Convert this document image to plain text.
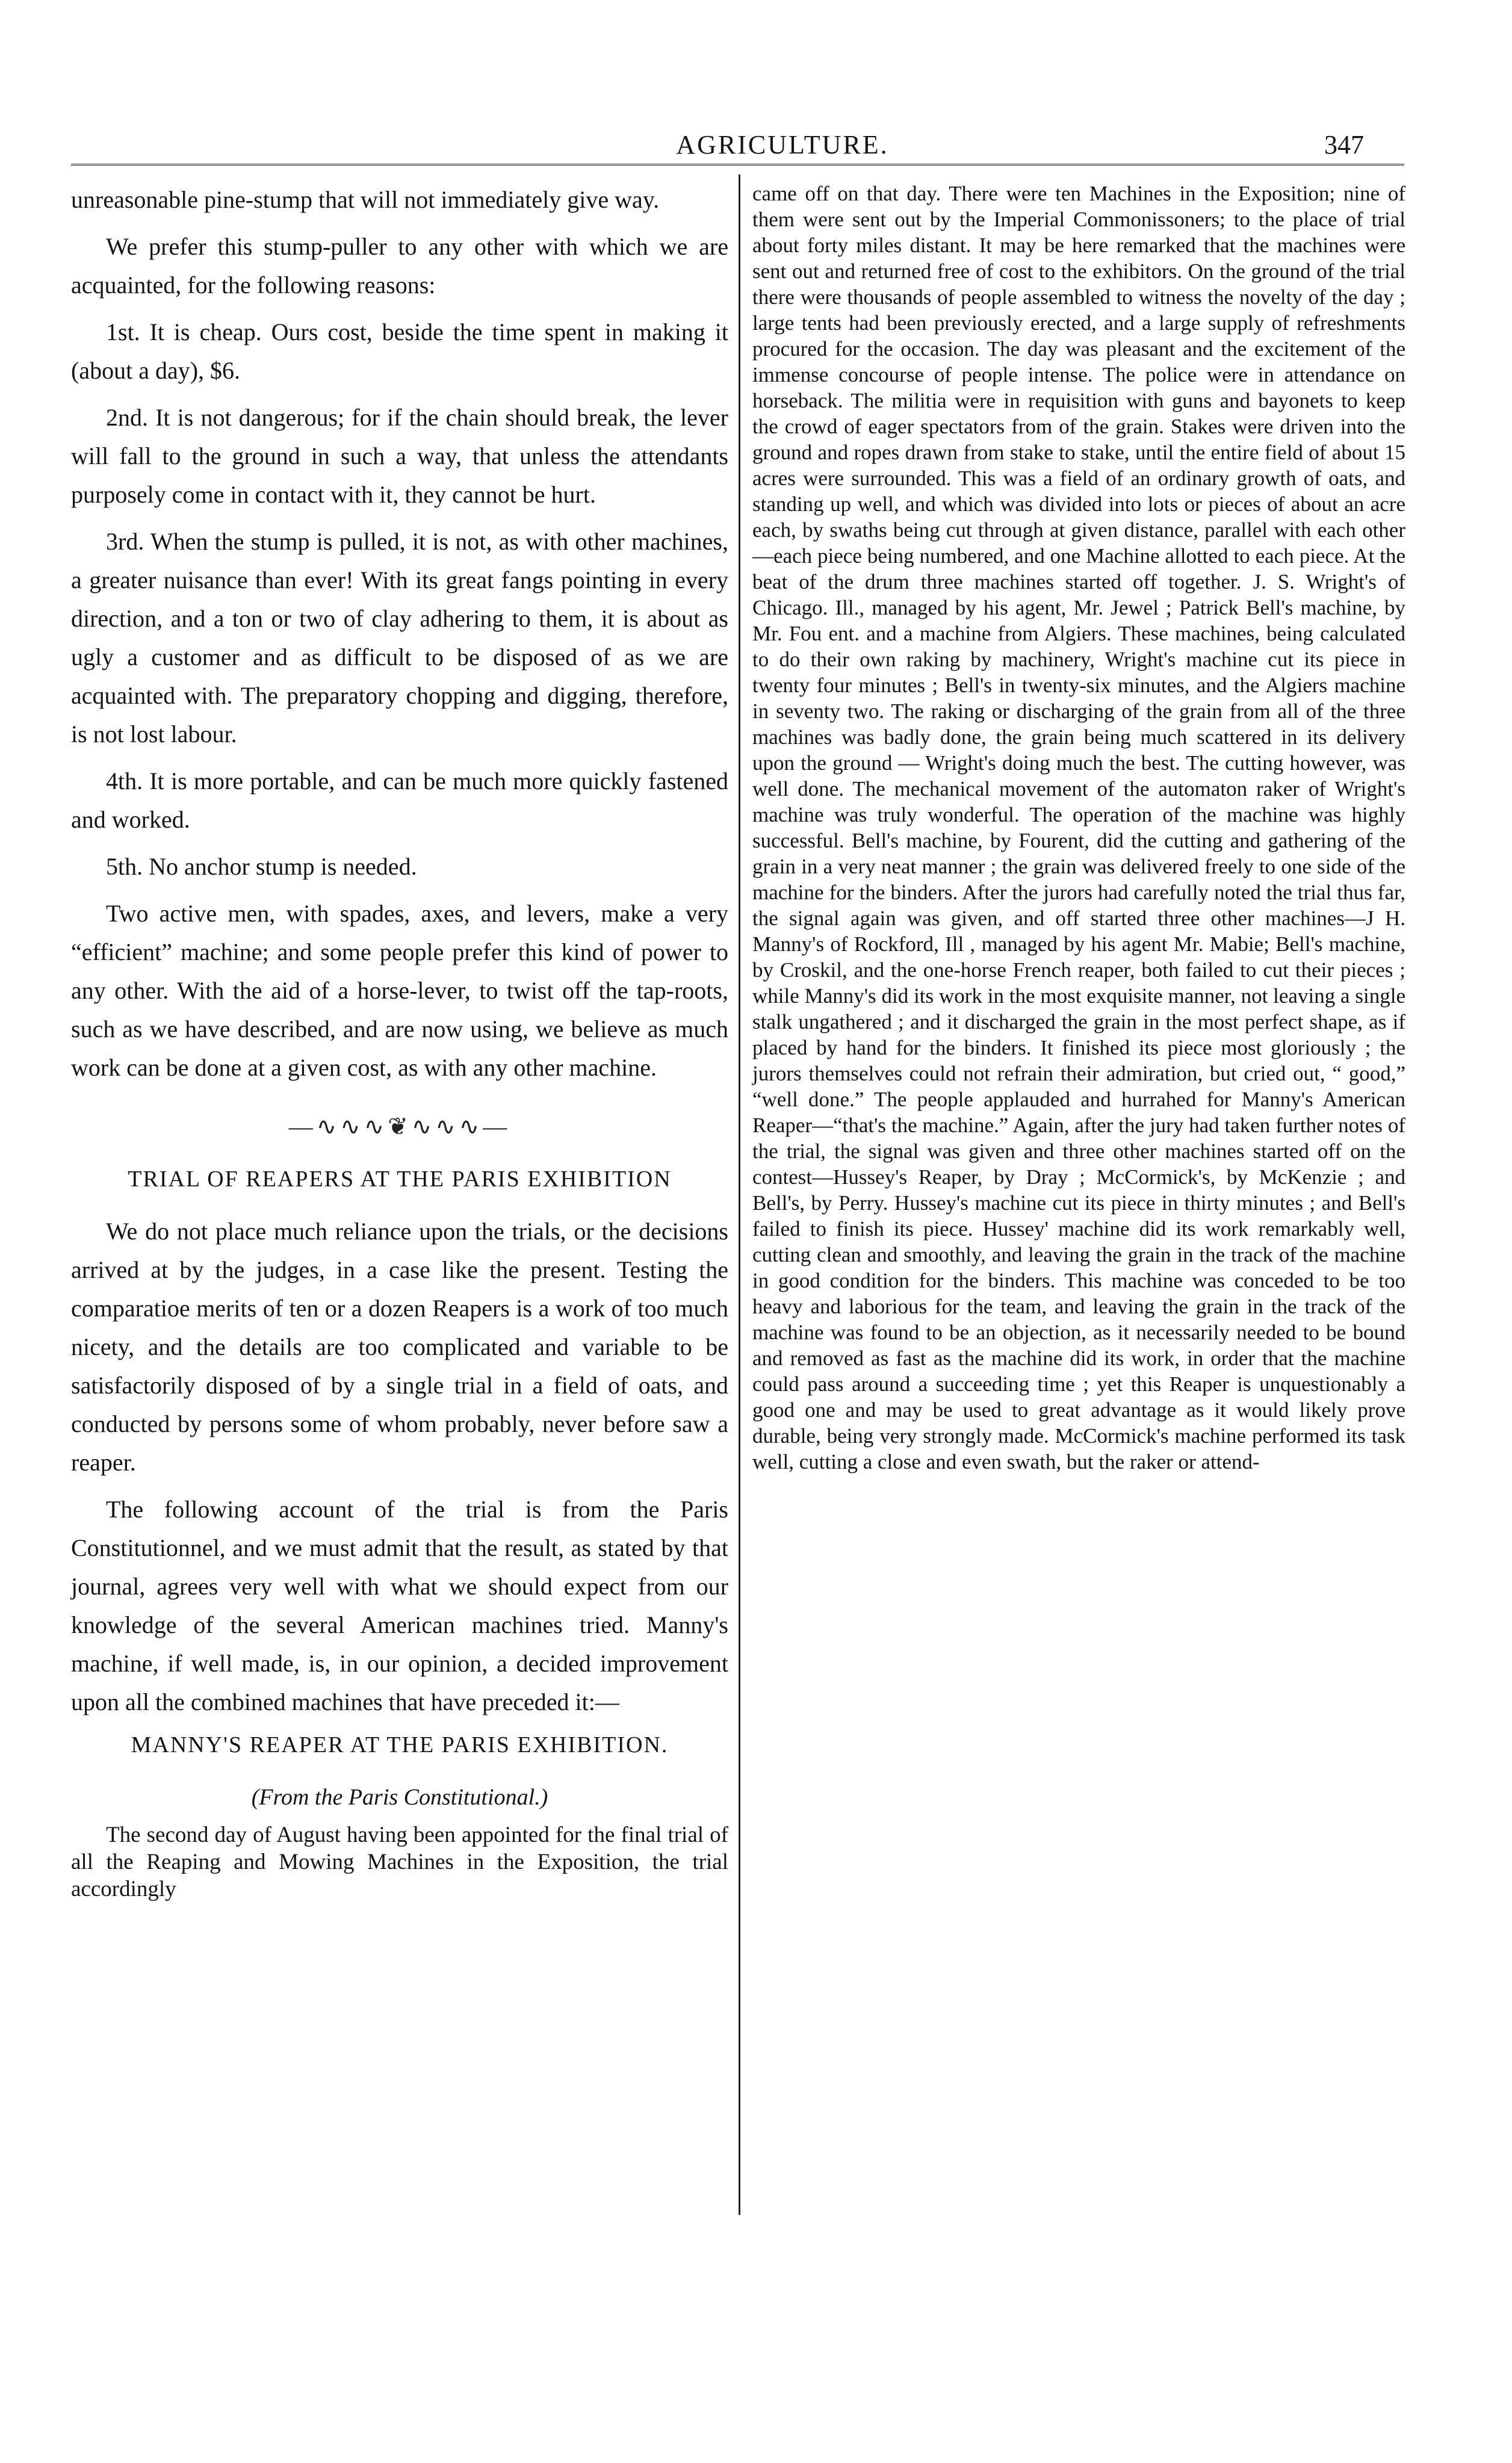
AGRICULTURE.	347

unreasonable pine-stump that will not immediately give way.

We prefer this stump-puller to any other with which we are acquainted, for the following reasons:

1st. It is cheap. Ours cost, beside the time spent in making it (about a day), $6.

2nd. It is not dangerous; for if the chain should break, the lever will fall to the ground in such a way, that unless the attendants purposely come in contact with it, they cannot be hurt.

3rd. When the stump is pulled, it is not, as with other machines, a greater nuisance than ever! With its great fangs pointing in every direction, and a ton or two of clay adhering to them, it is about as ugly a customer and as difficult to be disposed of as we are acquainted with. The preparatory chopping and digging, therefore, is not lost labour.

4th. It is more portable, and can be much more quickly fastened and worked.

5th. No anchor stump is needed.

Two active men, with spades, axes, and levers, make a very “efficient” machine; and some people prefer this kind of power to any other. With the aid of a horse-lever, to twist off the tap-roots, such as we have described, and are now using, we believe as much work can be done at a given cost, as with any other machine.

—∿∿∿❦∿∿∿—
TRIAL OF REAPERS AT THE PARIS EXHIBITION

We do not place much reliance upon the trials, or the decisions arrived at by the judges, in a case like the present. Testing the comparatioe merits of ten or a dozen Reapers is a work of too much nicety, and the details are too complicated and variable to be satisfactorily disposed of by a single trial in a field of oats, and conducted by persons some of whom probably, never before saw a reaper.

The following account of the trial is from the Paris Constitutionnel, and we must admit that the result, as stated by that journal, agrees very well with what we should expect from our knowledge of the several American machines tried. Manny's machine, if well made, is, in our opinion, a decided improvement upon all the combined machines that have preceded it:—

MANNY'S REAPER AT THE PARIS EXHIBITION.
(From the Paris Constitutional.)

The second day of August having been appointed for the final trial of all the Reaping and Mowing Machines in the Exposition, the trial accordingly

came off on that day. There were ten Machines in the Exposition; nine of them were sent out by the Imperial Commonissoners; to the place of trial about forty miles distant. It may be here remarked that the machines were sent out and returned free of cost to the exhibitors. On the ground of the trial there were thousands of people assembled to witness the novelty of the day ; large tents had been previously erected, and a large supply of refreshments procured for the occasion. The day was pleasant and the excitement of the immense concourse of people intense. The police were in attendance on horseback. The militia were in requisition with guns and bayonets to keep the crowd of eager spectators from of the grain. Stakes were driven into the ground and ropes drawn from stake to stake, until the entire field of about 15 acres were surrounded. This was a field of an ordinary growth of oats, and standing up well, and which was divided into lots or pieces of about an acre each, by swaths being cut through at given distance, parallel with each other—each piece being numbered, and one Machine allotted to each piece. At the beat of the drum three machines started off together. J. S. Wright's of Chicago. Ill., managed by his agent, Mr. Jewel ; Patrick Bell's machine, by Mr. Fou ent. and a machine from Algiers. These machines, being calculated to do their own raking by machinery, Wright's machine cut its piece in twenty four minutes ; Bell's in twenty-six minutes, and the Algiers machine in seventy two. The raking or discharging of the grain from all of the three machines was badly done, the grain being much scattered in its delivery upon the ground — Wright's doing much the best. The cutting however, was well done. The mechanical movement of the automaton raker of Wright's machine was truly wonderful. The operation of the machine was highly successful. Bell's machine, by Fourent, did the cutting and gathering of the grain in a very neat manner ; the grain was delivered freely to one side of the machine for the binders. After the jurors had carefully noted the trial thus far, the signal again was given, and off started three other machines—J H. Manny's of Rockford, Ill , managed by his agent Mr. Mabie; Bell's machine, by Croskil, and the one-horse French reaper, both failed to cut their pieces ; while Manny's did its work in the most exquisite manner, not leaving a single stalk ungathered ; and it discharged the grain in the most perfect shape, as if placed by hand for the binders. It finished its piece most gloriously ; the jurors themselves could not refrain their admiration, but cried out, “ good,” “well done.” The people applauded and hurrahed for Manny's American Reaper—“that's the machine.” Again, after the jury had taken further notes of the trial, the signal was given and three other machines started off on the contest—Hussey's Reaper, by Dray ; McCormick's, by McKenzie ; and Bell's, by Perry. Hussey's machine cut its piece in thirty minutes ; and Bell's failed to finish its piece. Hussey' machine did its work remarkably well, cutting clean and smoothly, and leaving the grain in the track of the machine in good condition for the binders. This machine was conceded to be too heavy and laborious for the team, and leaving the grain in the track of the machine was found to be an objection, as it necessarily needed to be bound and removed as fast as the machine did its work, in order that the machine could pass around a succeeding time ; yet this Reaper is unquestionably a good one and may be used to great advantage as it would likely prove durable, being very strongly made. McCormick's machine performed its task well, cutting a close and even swath, but the raker or attend-
